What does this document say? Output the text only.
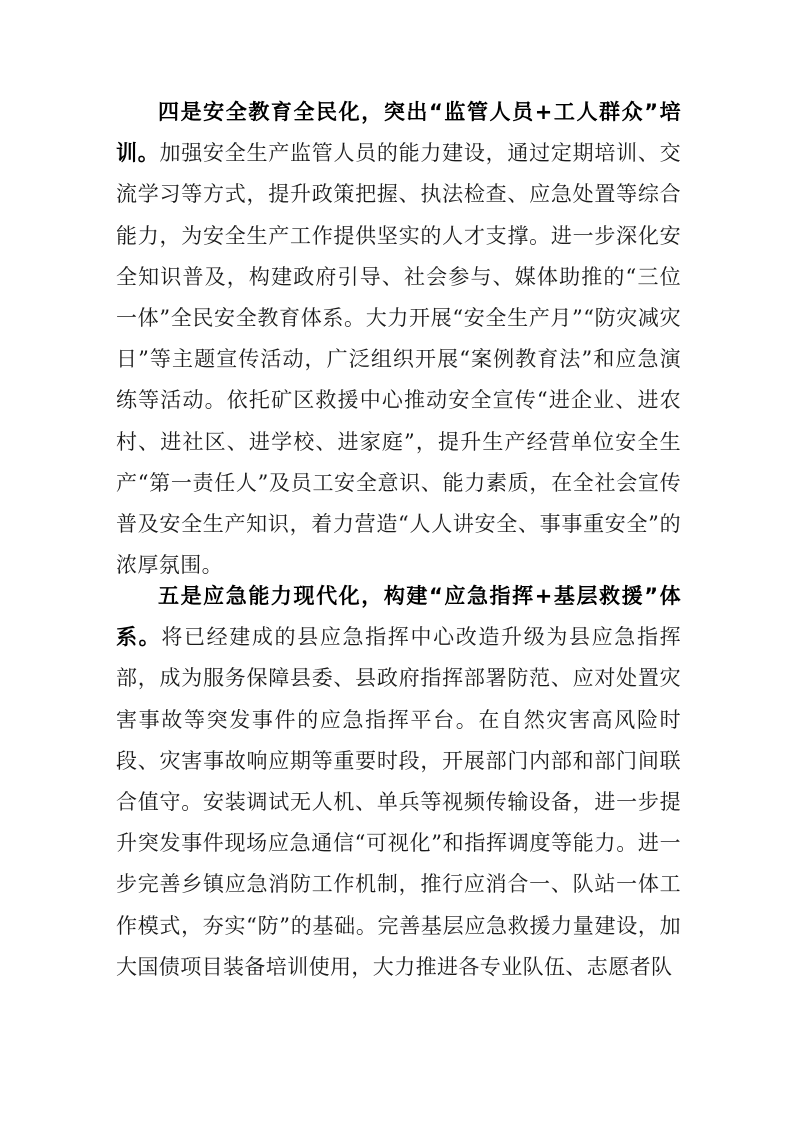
四是安全教育全民化，突出“监管人员+工人群众”培训。加强安全生产监管人员的能力建设，通过定期培训、交流学习等方式，提升政策把握、执法检查、应急处置等综合能力，为安全生产工作提供坚实的人才支撑。进一步深化安全知识普及，构建政府引导、社会参与、媒体助推的“三位一体”全民安全教育体系。大力开展“安全生产月”“防灾减灾日”等主题宣传活动，广泛组织开展“案例教育法”和应急演练等活动。依托矿区救援中心推动安全宣传“进企业、进农村、进社区、进学校、进家庭”，提升生产经营单位安全生产“第一责任人”及员工安全意识、能力素质，在全社会宣传普及安全生产知识，着力营造“人人讲安全、事事重安全”的浓厚氛围。

五是应急能力现代化，构建“应急指挥+基层救援”体系。将已经建成的县应急指挥中心改造升级为县应急指挥部，成为服务保障县委、县政府指挥部署防范、应对处置灾害事故等突发事件的应急指挥平台。在自然灾害高风险时段、灾害事故响应期等重要时段，开展部门内部和部门间联合值守。安装调试无人机、单兵等视频传输设备，进一步提升突发事件现场应急通信“可视化”和指挥调度等能力。进一步完善乡镇应急消防工作机制，推行应消合一、队站一体工作模式，夯实“防”的基础。完善基层应急救援力量建设，加大国债项目装备培训使用，大力推进各专业队伍、志愿者队
